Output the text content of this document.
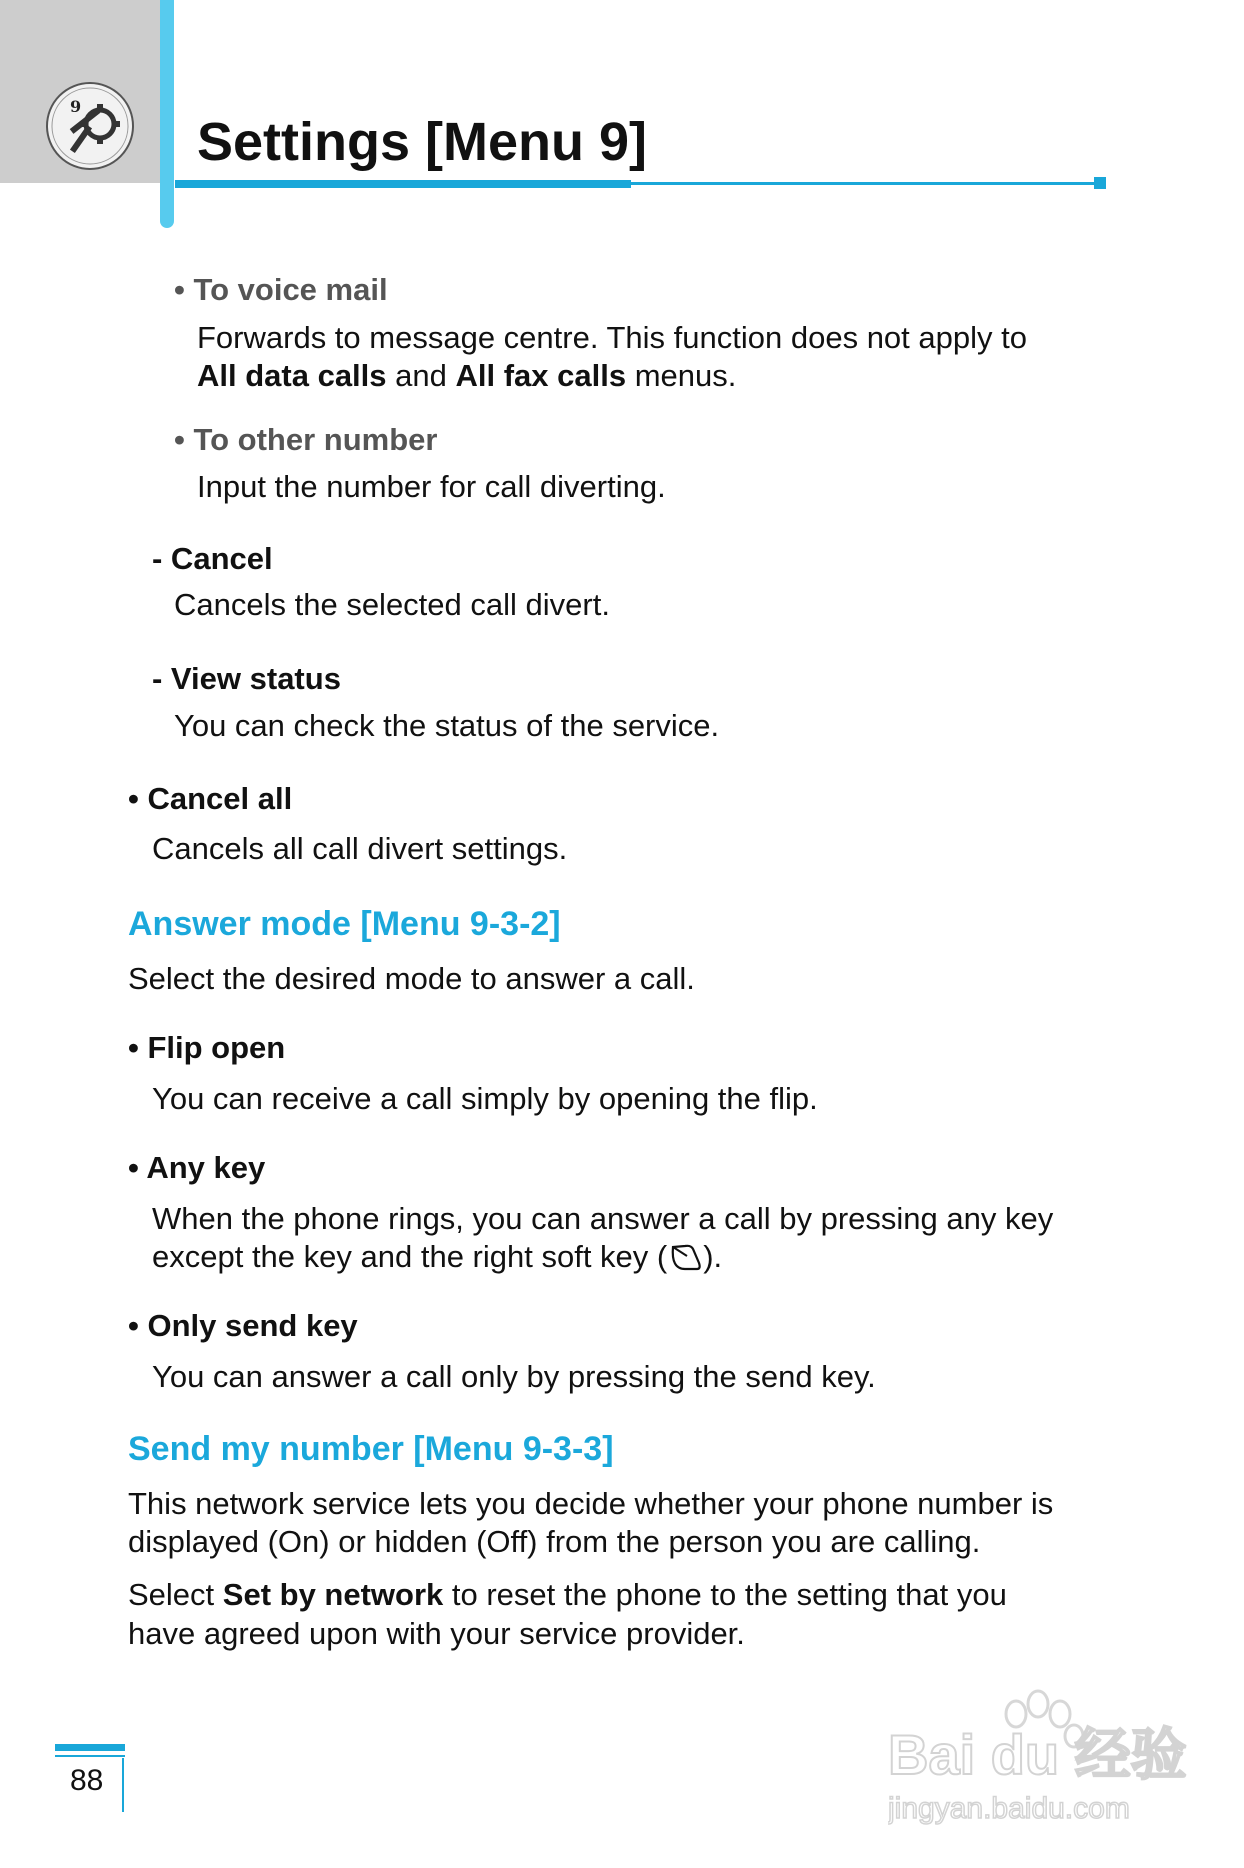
9
Settings [Menu 9]
• To voice mail
Forwards to message centre. This function does not apply to
All data calls and All fax calls menus.
• To other number
Input the number for call diverting.
- Cancel
Cancels the selected call divert.
- View status
You can check the status of the service.
• Cancel all
Cancels all call divert settings.
Answer mode [Menu 9-3-2]
Select the desired mode to answer a call.
• Flip open
You can receive a call simply by opening the flip.
• Any key
When the phone rings, you can answer a call by pressing any key
except the key and the right soft key ( ).
• Only send key
You can answer a call only by pressing the send key.
Send my number [Menu 9-3-3]
This network service lets you decide whether your phone number is
displayed (On) or hidden (Off) from the person you are calling.
Select Set by network to reset the phone to the setting that you
have agreed upon with your service provider.
88	Bai du 经验
jingyan.baidu.com
